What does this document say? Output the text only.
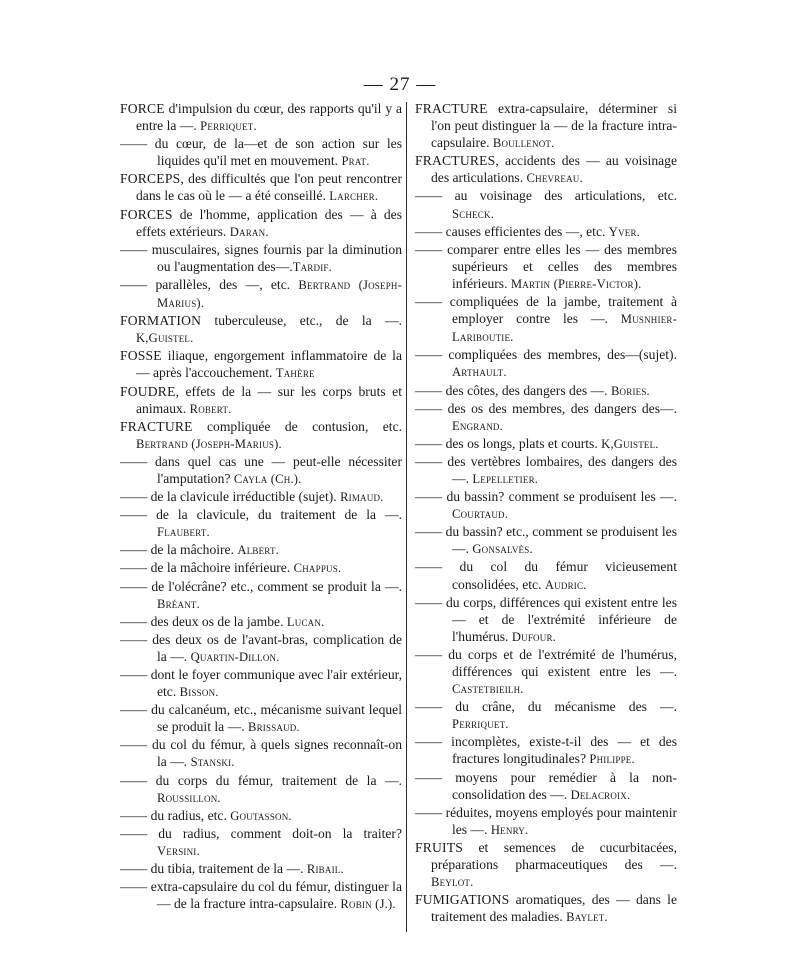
— 27 —

FORCE d'impulsion du cœur, des rapports qu'il y a entre la —. Perriquet.

—— du cœur, de la—et de son action sur les liquides qu'il met en mouvement. Prat.

FORCEPS, des difficultés que l'on peut rencontrer dans le cas où le — a été conseillé. Larcher.

FORCES de l'homme, application des — à des effets extérieurs. Daran.

—— musculaires, signes fournis par la diminution ou l'augmentation des—.Tardif.

—— parallèles, des —, etc. Bertrand (Joseph-Marius).

FORMATION tuberculeuse, etc., de la —. K,Guistel.

FOSSE iliaque, engorgement inflammatoire de la — après l'accouchement. Tahère

FOUDRE, effets de la — sur les corps bruts et animaux. Robert.

FRACTURE compliquée de contusion, etc. Bertrand (Joseph-Marius).

—— dans quel cas une — peut-elle nécessiter l'amputation? Cayla (Ch.).

—— de la clavicule irréductible (sujet). Rimaud.

—— de la clavicule, du traitement de la —. Flaubert.

—— de la mâchoire. Albert.

—— de la mâchoire inférieure. Chappus.

—— de l'olécrâne? etc., comment se produit la —. Bréant.

—— des deux os de la jambe. Lucan.

—— des deux os de l'avant-bras, complication de la —. Quartin-Dillon.

—— dont le foyer communique avec l'air extérieur, etc. Bisson.

—— du calcanéum, etc., mécanisme suivant lequel se produit la —. Brissaud.

—— du col du fémur, à quels signes reconnaît-on la —. Stanski.

—— du corps du fémur, traitement de la —. Roussillon.

—— du radius, etc. Goutasson.

—— du radius, comment doit-on la traiter? Versini.

—— du tibia, traitement de la —. Ribail.

—— extra-capsulaire du col du fémur, distinguer la — de la fracture intra-capsulaire. Robin (J.).

FRACTURE extra-capsulaire, déterminer si l'on peut distinguer la — de la fracture intra-capsulaire. Boullenot.

FRACTURES, accidents des — au voisinage des articulations. Chevreau.

—— au voisinage des articulations, etc. Scheck.

—— causes efficientes des —, etc. Yver.

—— comparer entre elles les — des membres supérieurs et celles des membres inférieurs. Martin (Pierre-Victor).

—— compliquées de la jambe, traitement à employer contre les —. Musnhier-Lariboutie.

—— compliquées des membres, des—(sujet). Arthault.

—— des côtes, des dangers des —. Bories.

—— des os des membres, des dangers des—. Engrand.

—— des os longs, plats et courts. K,Guistel.

—— des vertèbres lombaires, des dangers des —. Lepelletier.

—— du bassin? comment se produisent les —. Courtaud.

—— du bassin? etc., comment se produisent les —. Gonsalvès.

—— du col du fémur vicieusement consolidées, etc. Audric.

—— du corps, différences qui existent entre les — et de l'extrémité inférieure de l'humérus. Dufour.

—— du corps et de l'extrémité de l'humérus, différences qui existent entre les —. Castetbieilh.

—— du crâne, du mécanisme des —. Perriquet.

—— incomplètes, existe-t-il des — et des fractures longitudinales? Philippe.

—— moyens pour remédier à la non-consolidation des —. Delacroix.

—— réduites, moyens employés pour maintenir les —. Henry.

FRUITS et semences de cucurbitacées, préparations pharmaceutiques des —. Beylot.

FUMIGATIONS aromatiques, des — dans le traitement des maladies. Baylet.
